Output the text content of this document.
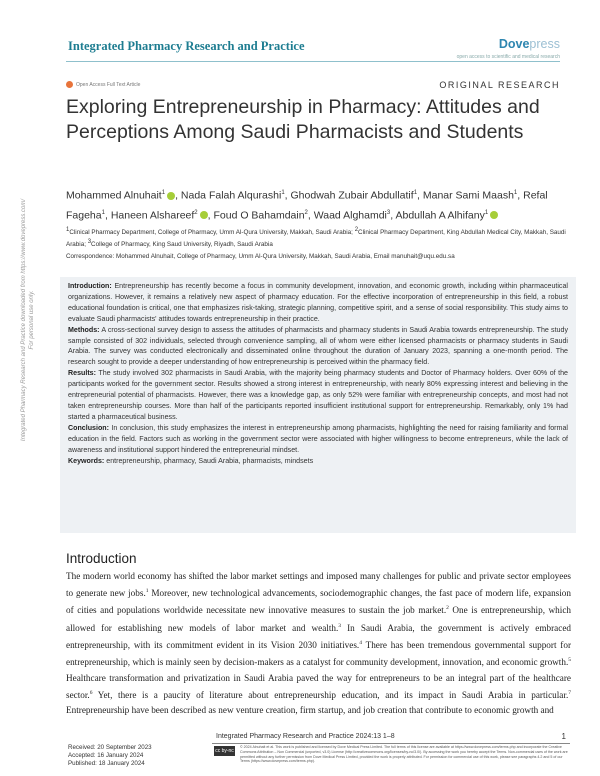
Integrated Pharmacy Research and Practice	Dovepress
open access to scientific and medical research
Open Access Full Text Article	ORIGINAL RESEARCH
Exploring Entrepreneurship in Pharmacy: Attitudes and Perceptions Among Saudi Pharmacists and Students
Mohammed Alnuhait$^1$ , Nada Falah Alqurashi$^1$, Ghodwah Zubair Abdullatif$^1$, Manar Sami Maash$^1$, Refal Fageha$^1$, Haneen Alshareef$^2$ , Foud O Bahamdain$^2$, Waad Alghamdi$^3$, Abdullah A Alhifany$^1$
$^1$Clinical Pharmacy Department, College of Pharmacy, Umm Al-Qura University, Makkah, Saudi Arabia; $^2$Clinical Pharmacy Department, King Abdullah Medical City, Makkah, Saudi Arabia; $^3$College of Pharmacy, King Saud University, Riyadh, Saudi Arabia
Correspondence: Mohammed Alnuhait, College of Pharmacy, Umm Al-Qura University, Makkah, Saudi Arabia, Email manuhait@uqu.edu.sa
Integrated Pharmacy Research and Practice downloaded from https://www.dovepress.com/ For personal use only.

Introduction: Entrepreneurship has recently become a focus in community development, innovation, and economic growth, including within pharmaceutical organizations. However, it remains a relatively new aspect of pharmacy education. For the effective incorporation of entrepreneurship in this field, a robust educational foundation is critical, one that emphasizes risk-taking, strategic planning, competitive spirit, and a sense of social responsibility. This study aims to evaluate Saudi pharmacists' attitudes towards entrepreneurship in their practice.

Methods: A cross-sectional survey design to assess the attitudes of pharmacists and pharmacy students in Saudi Arabia towards entrepreneurship. The study sample consisted of 302 individuals, selected through convenience sampling, all of whom were either licensed pharmacists or pharmacy students in Saudi Arabia. The survey was conducted electronically and disseminated online throughout the duration of January 2023, spanning a one-month period. The research sought to provide a deeper understanding of how entrepreneurship is perceived within the pharmacy field.

Results: The study involved 302 pharmacists in Saudi Arabia, with the majority being pharmacy students and Doctor of Pharmacy holders. Over 60% of the participants worked for the government sector. Results showed a strong interest in entrepreneurship, with nearly 80% expressing interest and believing in the entrepreneurial potential of pharmacists. However, there was a knowledge gap, as only 52% were familiar with entrepreneurship concepts, and most had not taken entrepreneurship courses. More than half of the participants reported insufficient institutional support for entrepreneurship. Remarkably, only 1% had started a pharmaceutical business.

Conclusion: In conclusion, this study emphasizes the interest in entrepreneurship among pharmacists, highlighting the need for raising familiarity and formal education in the field. Factors such as working in the government sector were associated with higher willingness to become entrepreneurs, while the lack of awareness and institutional support hindered the entrepreneurial mindset.

Keywords: entrepreneurship, pharmacy, Saudi Arabia, pharmacists, mindsets

Introduction
The modern world economy has shifted the labor market settings and imposed many challenges for public and private sector employees to generate new jobs.$^1$ Moreover, new technological advancements, sociodemographic changes, the fast pace of modern life, expansion of cities and populations worldwide necessitate new innovative measures to sustain the job market.$^2$ One is entrepreneurship, which allowed for establishing new models of labor market and wealth.$^3$ In Saudi Arabia, the government is actively embraced entrepreneurship, with its commitment evident in its Vision 2030 initiatives.$^4$ There has been tremendous governmental support for entrepreneurship, which is mainly seen by decision-makers as a catalyst for community development, innovation, and economic growth.$^5$ Healthcare transformation and privatization in Saudi Arabia paved the way for entrepreneurs to be an integral part of the healthcare sector.$^6$ Yet, there is a paucity of literature about entrepreneurship education, and its impact in Saudi Arabia in particular.$^7$ Entrepreneurship have been described as new venture creation, firm startup, and job creation that contribute to economic growth and
Integrated Pharmacy Research and Practice 2024:13 1–8	1
Received: 20 September 2023
Accepted: 16 January 2024
Published: 18 January 2024
cc by-nc
© 2024 Alnuhait et al. This work is published and licensed by Dove Medical Press Limited. The full terms of this license are available at https://www.dovepress.com/terms.php and incorporate the Creative Commons Attribution – Non Commercial (unported, v3.0) License (http://creativecommons.org/licenses/by-nc/3.0/). By accessing the work you hereby accept the Terms. Non-commercial uses of the work are permitted without any further permission from Dove Medical Press Limited, provided the work is properly attributed. For permission for commercial use of this work, please see paragraphs 4.2 and 5 of our Terms (https://www.dovepress.com/terms.php).
